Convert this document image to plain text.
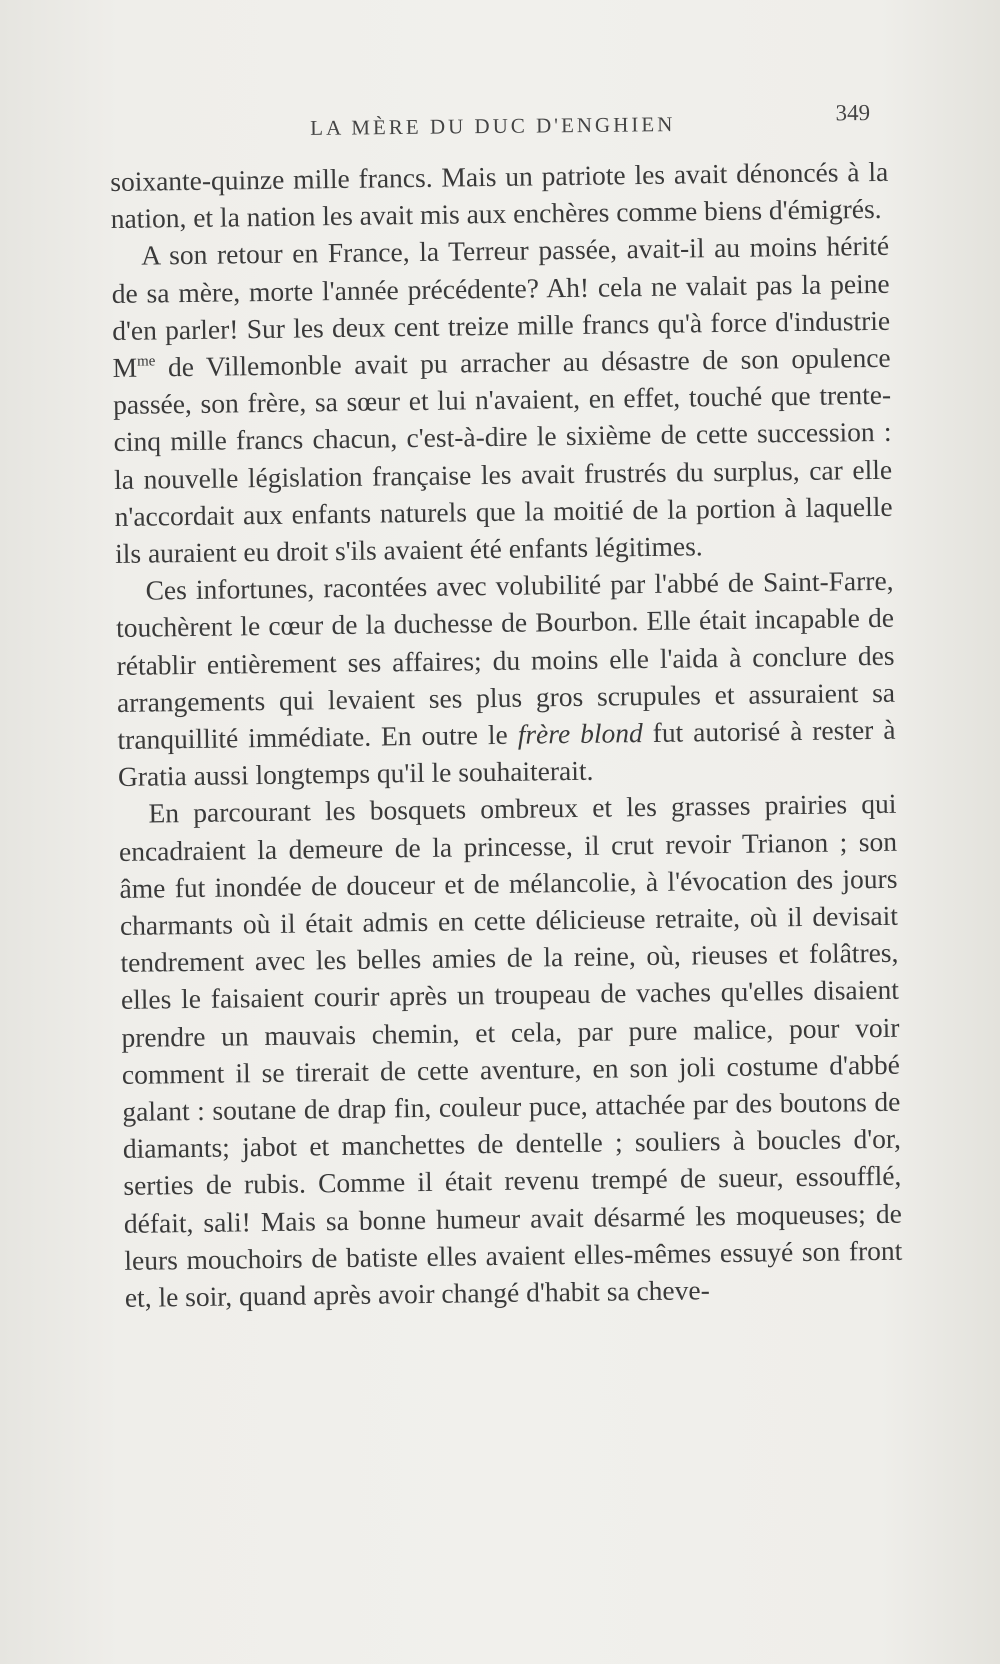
LA MÈRE DU DUC D'ENGHIEN	349

soixante-quinze mille francs. Mais un patriote les avait dénoncés à la nation, et la nation les avait mis aux enchères comme biens d'émigrés.

A son retour en France, la Terreur passée, avait-il au moins hérité de sa mère, morte l'année précédente? Ah! cela ne valait pas la peine d'en parler! Sur les deux cent treize mille francs qu'à force d'industrie $M^{me}$ de Villemonble avait pu arracher au désastre de son opulence passée, son frère, sa sœur et lui n'avaient, en effet, touché que trente-cinq mille francs chacun, c'est-à-dire le sixième de cette succession : la nouvelle législation française les avait frustrés du surplus, car elle n'accordait aux enfants naturels que la moitié de la portion à laquelle ils auraient eu droit s'ils avaient été enfants légitimes.

Ces infortunes, racontées avec volubilité par l'abbé de Saint-Farre, touchèrent le cœur de la duchesse de Bourbon. Elle était incapable de rétablir entièrement ses affaires; du moins elle l'aida à conclure des arrangements qui levaient ses plus gros scrupules et assuraient sa tranquillité immédiate. En outre le frère blond fut autorisé à rester à Gratia aussi longtemps qu'il le souhaiterait.

En parcourant les bosquets ombreux et les grasses prairies qui encadraient la demeure de la princesse, il crut revoir Trianon ; son âme fut inondée de douceur et de mélancolie, à l'évocation des jours charmants où il était admis en cette délicieuse retraite, où il devisait tendrement avec les belles amies de la reine, où, rieuses et folâtres, elles le faisaient courir après un troupeau de vaches qu'elles disaient prendre un mauvais chemin, et cela, par pure malice, pour voir comment il se tirerait de cette aventure, en son joli costume d'abbé galant : soutane de drap fin, couleur puce, attachée par des boutons de diamants; jabot et manchettes de dentelle ; souliers à boucles d'or, serties de rubis. Comme il était revenu trempé de sueur, essoufflé, défait, sali! Mais sa bonne humeur avait désarmé les moqueuses; de leurs mouchoirs de batiste elles avaient elles-mêmes essuyé son front et, le soir, quand après avoir changé d'habit sa cheve-
